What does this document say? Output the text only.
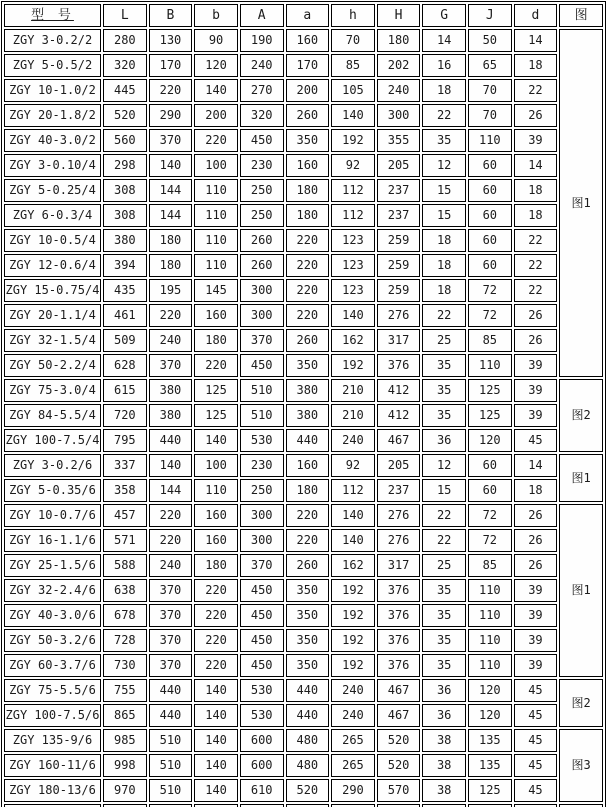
型 号	L	B	b	A	a	h	H	G	J	d	图
ZGY 3-0.2/2	280	130	90	190	160	70	180	14	50	14	图1
ZGY 5-0.5/2	320	170	120	240	170	85	202	16	65	18	
ZGY 10-1.0/2	445	220	140	270	200	105	240	18	70	22	
ZGY 20-1.8/2	520	290	200	320	260	140	300	22	70	26	
ZGY 40-3.0/2	560	370	220	450	350	192	355	35	110	39	
ZGY 3-0.10/4	298	140	100	230	160	92	205	12	60	14	
ZGY 5-0.25/4	308	144	110	250	180	112	237	15	60	18	
ZGY 6-0.3/4	308	144	110	250	180	112	237	15	60	18	
ZGY 10-0.5/4	380	180	110	260	220	123	259	18	60	22	
ZGY 12-0.6/4	394	180	110	260	220	123	259	18	60	22	
ZGY 15-0.75/4	435	195	145	300	220	123	259	18	72	22	
ZGY 20-1.1/4	461	220	160	300	220	140	276	22	72	26	
ZGY 32-1.5/4	509	240	180	370	260	162	317	25	85	26	
ZGY 50-2.2/4	628	370	220	450	350	192	376	35	110	39	
ZGY 75-3.0/4	615	380	125	510	380	210	412	35	125	39	图2
ZGY 84-5.5/4	720	380	125	510	380	210	412	35	125	39	
ZGY 100-7.5/4	795	440	140	530	440	240	467	36	120	45	
ZGY 3-0.2/6	337	140	100	230	160	92	205	12	60	14	图1
ZGY 5-0.35/6	358	144	110	250	180	112	237	15	60	18	
ZGY 10-0.7/6	457	220	160	300	220	140	276	22	72	26	图1
ZGY 16-1.1/6	571	220	160	300	220	140	276	22	72	26	
ZGY 25-1.5/6	588	240	180	370	260	162	317	25	85	26	
ZGY 32-2.4/6	638	370	220	450	350	192	376	35	110	39	
ZGY 40-3.0/6	678	370	220	450	350	192	376	35	110	39	
ZGY 50-3.2/6	728	370	220	450	350	192	376	35	110	39	
ZGY 60-3.7/6	730	370	220	450	350	192	376	35	110	39	
ZGY 75-5.5/6	755	440	140	530	440	240	467	36	120	45	图2
ZGY 100-7.5/6	865	440	140	530	440	240	467	36	120	45	
ZGY 135-9/6	985	510	140	600	480	265	520	38	135	45	图3
ZGY 160-11/6	998	510	140	600	480	265	520	38	135	45	
ZGY 180-13/6	970	510	140	610	520	290	570	38	125	45	
